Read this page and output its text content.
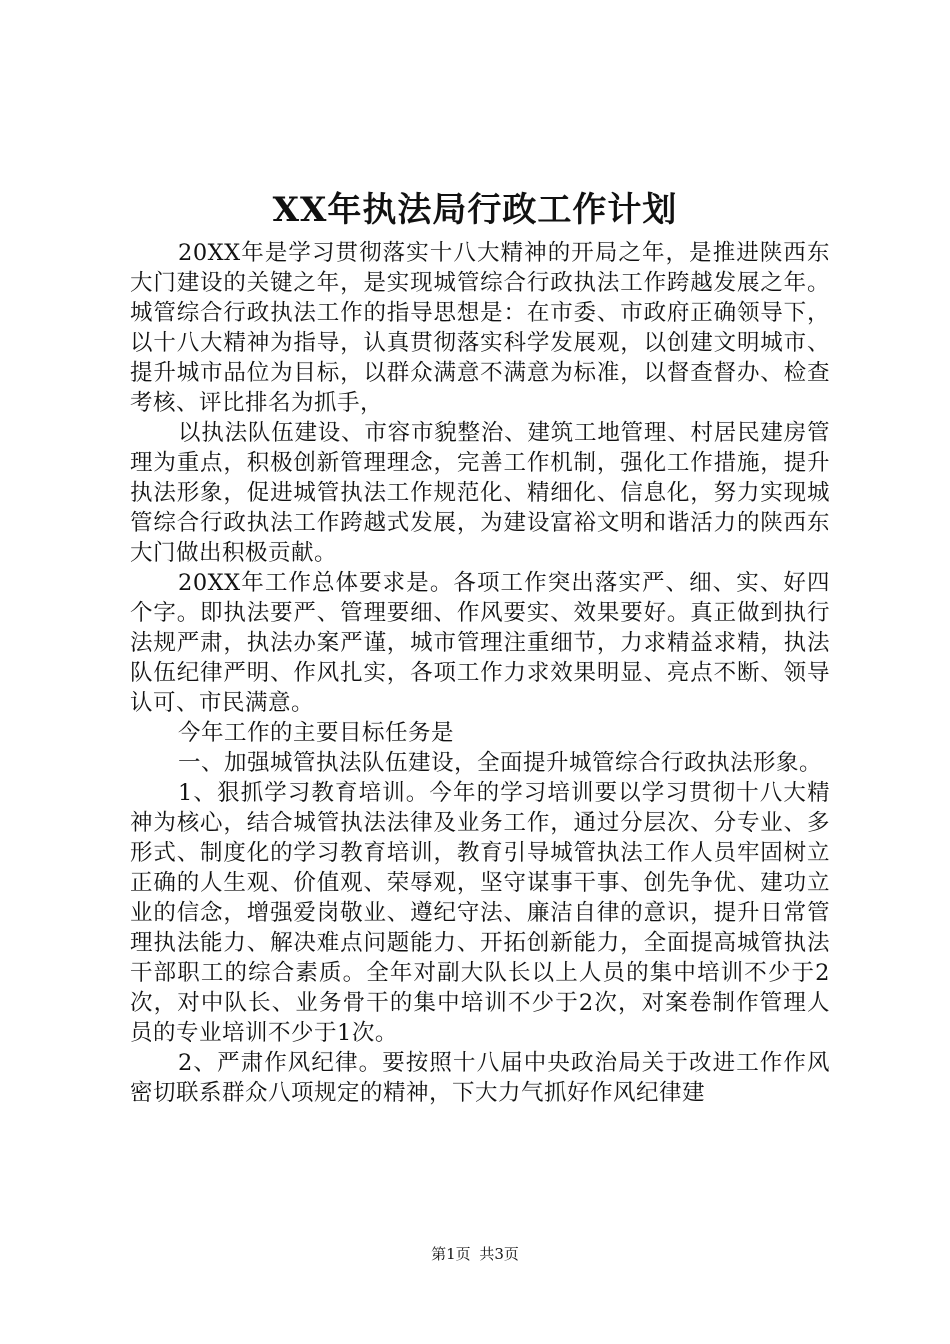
XX年执法局行政工作计划

20XX年是学习贯彻落实十八大精神的开局之年，是推进陕西东大门建设的关键之年，是实现城管综合行政执法工作跨越发展之年。城管综合行政执法工作的指导思想是：在市委、市政府正确领导下，以十八大精神为指导，认真贯彻落实科学发展观，以创建文明城市、提升城市品位为目标，以群众满意不满意为标准，以督查督办、检查考核、评比排名为抓手，

以执法队伍建设、市容市貌整治、建筑工地管理、村居民建房管理为重点，积极创新管理理念，完善工作机制，强化工作措施，提升执法形象，促进城管执法工作规范化、精细化、信息化，努力实现城管综合行政执法工作跨越式发展，为建设富裕文明和谐活力的陕西东大门做出积极贡献。

20XX年工作总体要求是。各项工作突出落实严、细、实、好四个字。即执法要严、管理要细、作风要实、效果要好。真正做到执行法规严肃，执法办案严谨，城市管理注重细节，力求精益求精，执法队伍纪律严明、作风扎实，各项工作力求效果明显、亮点不断、领导认可、市民满意。

今年工作的主要目标任务是

一、加强城管执法队伍建设，全面提升城管综合行政执法形象。

1、狠抓学习教育培训。今年的学习培训要以学习贯彻十八大精神为核心，结合城管执法法律及业务工作，通过分层次、分专业、多形式、制度化的学习教育培训，教育引导城管执法工作人员牢固树立正确的人生观、价值观、荣辱观，坚守谋事干事、创先争优、建功立业的信念，增强爱岗敬业、遵纪守法、廉洁自律的意识，提升日常管理执法能力、解决难点问题能力、开拓创新能力，全面提高城管执法干部职工的综合素质。全年对副大队长以上人员的集中培训不少于2次，对中队长、业务骨干的集中培训不少于2次，对案卷制作管理人员的专业培训不少于1次。

2、严肃作风纪律。要按照十八届中央政治局关于改进工作作风密切联系群众八项规定的精神，下大力气抓好作风纪律建

第1页 共3页
